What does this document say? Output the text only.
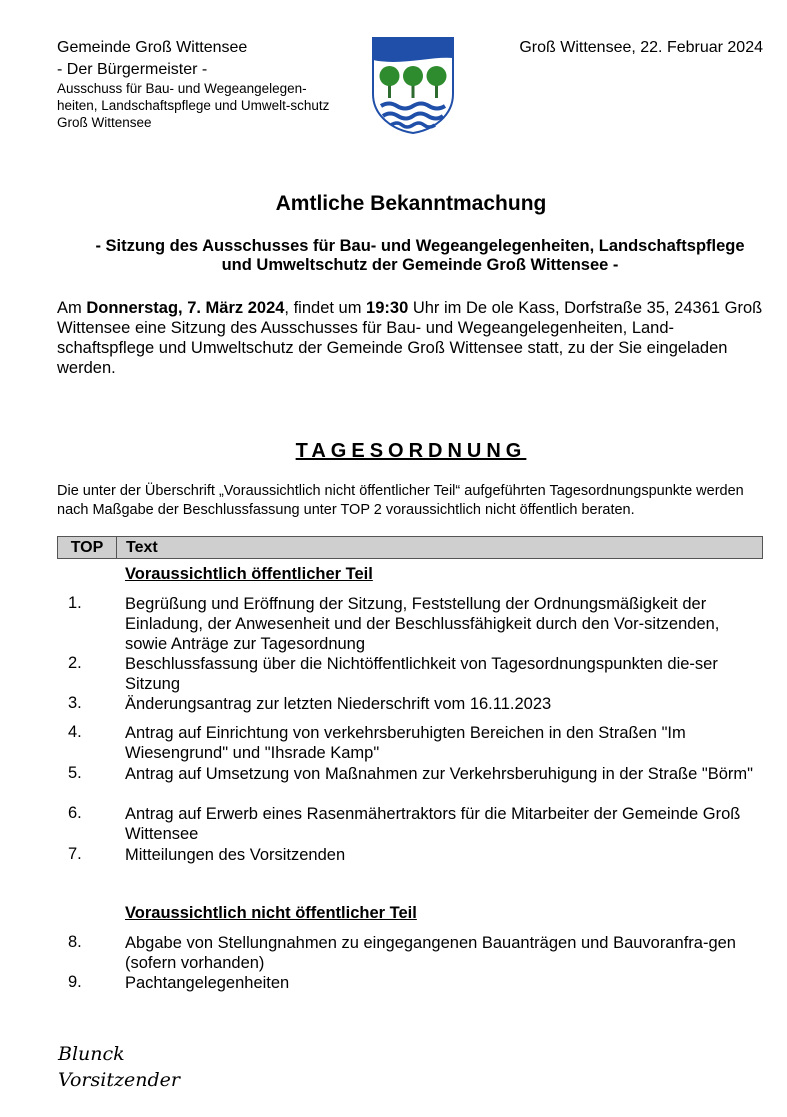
Gemeinde Groß Wittensee
- Der Bürgermeister -
Ausschuss für Bau- und Wegeangelegen-heiten, Landschaftspflege und Umwelt-schutz Groß Wittensee
Groß Wittensee, 22. Februar 2024
Amtliche Bekanntmachung
- Sitzung des Ausschusses für Bau- und Wegeangelegenheiten, Landschaftspflege
und Umweltschutz der Gemeinde Groß Wittensee -
Am Donnerstag, 7. März 2024, findet um 19:30 Uhr im De ole Kass, Dorfstraße 35, 24361 Groß Wittensee eine Sitzung des Ausschusses für Bau- und Wegeangelegenheiten, Land-schaftspflege und Umweltschutz der Gemeinde Groß Wittensee statt, zu der Sie eingeladen werden.
TAGESORDNUNG
Die unter der Überschrift „Voraussichtlich nicht öffentlicher Teil“ aufgeführten Tagesordnungspunkte werden nach Maßgabe der Beschlussfassung unter TOP 2 voraussichtlich nicht öffentlich beraten.
TOP	Text
Voraussichtlich öffentlicher Teil
1.	Begrüßung und Eröffnung der Sitzung, Feststellung der Ordnungsmäßigkeit der Einladung, der Anwesenheit und der Beschlussfähigkeit durch den Vor-sitzenden, sowie Anträge zur Tagesordnung
2.	Beschlussfassung über die Nichtöffentlichkeit von Tagesordnungspunkten die-ser Sitzung
3.	Änderungsantrag zur letzten Niederschrift vom 16.11.2023
4.	Antrag auf Einrichtung von verkehrsberuhigten Bereichen in den Straßen "Im Wiesengrund" und "Ihsrade Kamp"
5.	Antrag auf Umsetzung von Maßnahmen zur Verkehrsberuhigung in der Straße "Börm"
6.	Antrag auf Erwerb eines Rasenmähertraktors für die Mitarbeiter der Gemeinde Groß Wittensee
7.	Mitteilungen des Vorsitzenden
Voraussichtlich nicht öffentlicher Teil
8.	Abgabe von Stellungnahmen zu eingegangenen Bauanträgen und Bauvoranfra-gen (sofern vorhanden)
9.	Pachtangelegenheiten
Blunck
Vorsitzender
